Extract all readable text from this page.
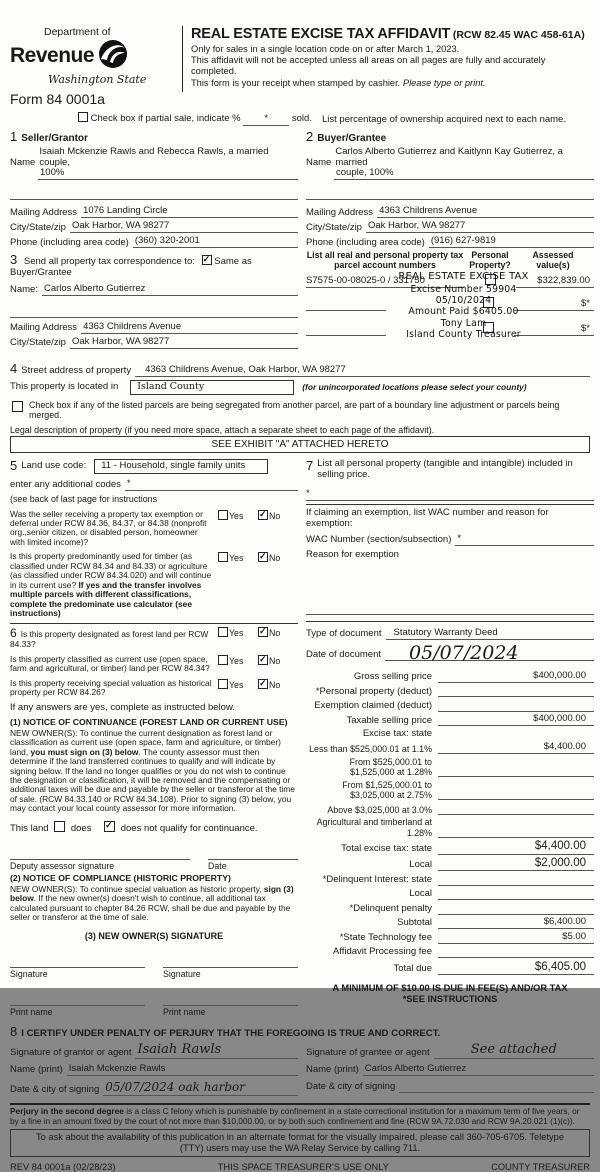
Department of
Revenue
Washington State
Form 84 0001a
REAL ESTATE EXCISE TAX AFFIDAVIT (RCW 82.45 WAC 458-61A)
Only for sales in a single location code on or after March 1, 2023.
This affidavit will not be accepted unless all areas on all pages are fully and accurately completed.
This form is your receipt when stamped by cashier. Please type or print.
Check box if partial sale, indicate %	*	sold. List percentage of ownership acquired next to each name.
1 Seller/Grantor
Name
Isaiah Mckenzie Rawls and Rebecca Rawls, a married couple,
100%
Mailing Address 1076 Landing Circle
City/State/zip Oak Harbor, WA 98277
Phone (including area code) (360) 320-2001
3 Send all property tax correspondence to: ✓ Same as Buyer/Grantee
Name: Carlos Alberto Gutierrez
Mailing Address 4363 Childrens Avenue
City/State/zip Oak Harbor, WA 98277
2 Buyer/Grantee
Name
Carlos Alberto Gutierrez and Kaitlynn Kay Gutierrez, a married
couple, 100%
Mailing Address 4363 Childrens Avenue
City/State/zip Oak Harbor, WA 98277
Phone (including area code) (916) 627-9819
List all real and personal property tax
parcel account numbers
Personal
Property?
Assessed
value(s)
S7575-00-08025-0 / 331750	$322,839.00
$*
$*
REAL ESTATE EXCISE TAX
Excise Number 59904
05/10/2024
Amount Paid $6405.00
Tony Lam
Island County Treasurer
4 Street address of property	4363 Childrens Avenue, Oak Harbor, WA 98277
This property is located in	Island County	(for unincorporated locations please select your county)
Check box if any of the listed parcels are being segregated from another parcel, are part of a boundary line adjustment or parcels being merged.
Legal description of property (if you need more space, attach a separate sheet to each page of the affidavit).
SEE EXHIBIT "A" ATTACHED HERETO
5 Land use code:	11 - Household, single family units
enter any additional codes *
(see back of last page for instructions
Was the seller receiving a property tax exemption or deferral under RCW 84.36, 84.37, or 84.38 (nonprofit org.,senior citizen, or disabled person, homeowner with limited income)?
Yes ✓	No
Is this property predominantly used for timber (as classified under RCW 84.34 and 84.33) or agriculture (as classified under RCW 84.34.020) and will continue in its current use? If yes and the transfer involves multiple parcels with different classifications, complete the predominate use calculator (see instructions)
Yes ✓	No
6 Is this property designated as forest land per RCW 84.33?
Yes ✓	No
Is this property classified as current use (open space, farm and agricultural, or timber) land per RCW 84.34?
Yes ✓	No
Is this property receiving special valuation as historical property per RCW 84.26?
Yes ✓	No
If any answers are yes, complete as instructed below.
(1) NOTICE OF CONTINUANCE (FOREST LAND OR CURRENT USE)
NEW OWNER(S): To continue the current designation as forest land or classification as current use (open space, farm and agriculture, or timber) land, you must sign on (3) below. The county assessor must then determine if the land transferred continues to qualify and will indicate by signing below. If the land no longer qualifies or you do not wish to continue the designation or classification, it will be removed and the compensating or additional taxes will be due and payable by the seller or transferor at the time of sale. (RCW 84.33.140 or RCW 84.34.108). Prior to signing (3) below, you may contact your local county assessor for more information.
This land does ✓	does not qualify for continuance.
Deputy assessor signature	Date
(2) NOTICE OF COMPLIANCE (HISTORIC PROPERTY)
NEW OWNER(S): To continue special valuation as historic property, sign (3) below. If the new owner(s) doesn't wish to continue, all additional tax calculated pursuant to chapter 84.26 RCW, shall be due and payable by the seller or transferor at the time of sale.
(3) NEW OWNER(S) SIGNATURE
Signature	Signature
Print name	Print name
7 List all personal property (tangible and intangible) included in selling price.
*
If claiming an exemption, list WAC number and reason for exemption:
WAC Number (section/subsection) *
Reason for exemption
Type of document	Statutory Warranty Deed
Date of document	05/07/2024
Gross selling price	$400,000.00
*Personal property (deduct)
Exemption claimed (deduct)
Taxable selling price	$400,000.00
Excise tax: state
Less than $525,000.01 at 1.1%	$4,400.00
From $525,000.01 to $1,525,000 at 1.28%
From $1,525,000.01 to $3,025,000 at 2.75%
Above $3,025,000 at 3.0%
Agricultural and timberland at 1.28%
Total excise tax: state	$4,400.00
Local	$2,000.00
*Delinquent Interest: state
Local
*Delinquent penalty
Subtotal	$6,400.00
*State Technology fee	$5.00
Affidavit Processing fee
Total due	$6,405.00
A MINIMUM OF $10.00 IS DUE IN FEE(S) AND/OR TAX
*SEE INSTRUCTIONS
8 I CERTIFY UNDER PENALTY OF PERJURY THAT THE FOREGOING IS TRUE AND CORRECT.
Signature of grantor or agent Isaiah Rawls
Name (print) Isaiah Mckenzie Rawls
Date & city of signing 05/07/2024 oak harbor
Signature of grantee or agent	See attached
Name (print) Carlos Alberto Gutierrez
Date & city of signing
Perjury in the second degree is a class C felony which is punishable by confinement in a state correctional institution for a maximum term of five years, or by a fine in an amount fixed by the court of not more than $10,000.00, or by both such confinement and fine (RCW 9A.72.030 and RCW 9A.20.021 (1)(c)).
To ask about the availability of this publication in an alternate format for the visually impaired, please call 360-705-6705. Teletype (TTY) users may use the WA Relay Service by calling 711.
REV 84 0001a (02/28/23)	THIS SPACE TREASURER'S USE ONLY	COUNTY TREASURER
